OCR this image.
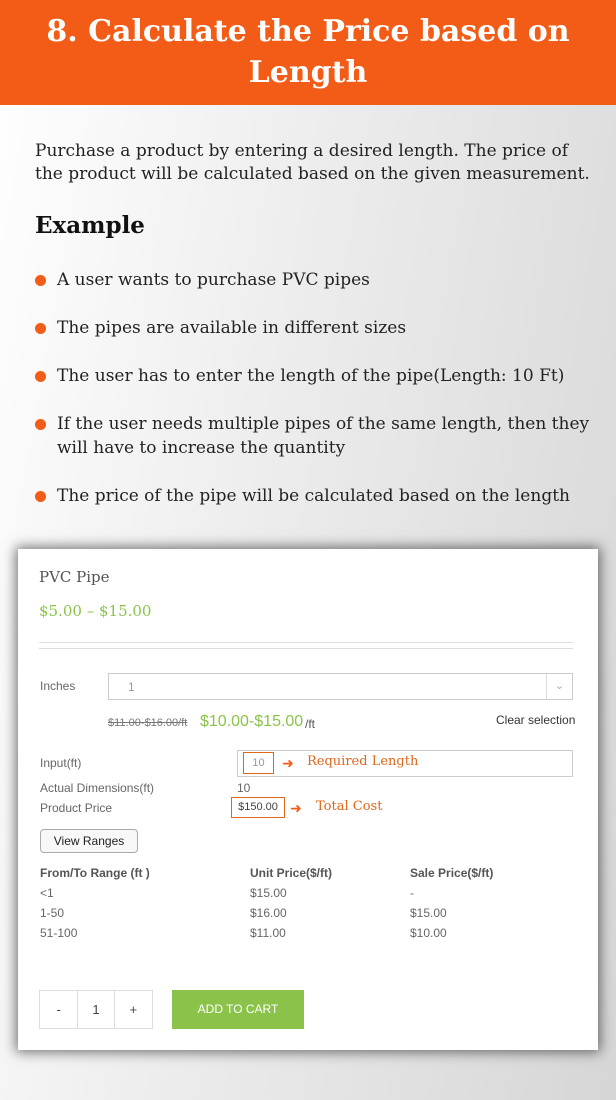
8. Calculate the Price based on Length

Purchase a product by entering a desired length. The price of the product will be calculated based on the given measurement.

Example
A user wants to purchase PVC pipes
The pipes are available in different sizes
The user has to enter the length of the pipe(Length: 10 Ft)
If the user needs multiple pipes of the same length, then they will have to increase the quantity
The price of the pipe will be calculated based on the length
PVC Pipe
$5.00 – $15.00
Inches	1	⌄
$11.00-$16.00/ft $10.00-$15.00 /ft	Clear selection
Input(ft)	10	➜ Required Length
Actual Dimensions(ft)	10
Product Price	$150.00 ➜ Total Cost
View Ranges
From/To Range (ft )	Unit Price($/ft)	Sale Price($/ft)
<1	$15.00	-
1-50	$16.00	$15.00
51-100	$11.00	$10.00
-	1	+	ADD TO CART
